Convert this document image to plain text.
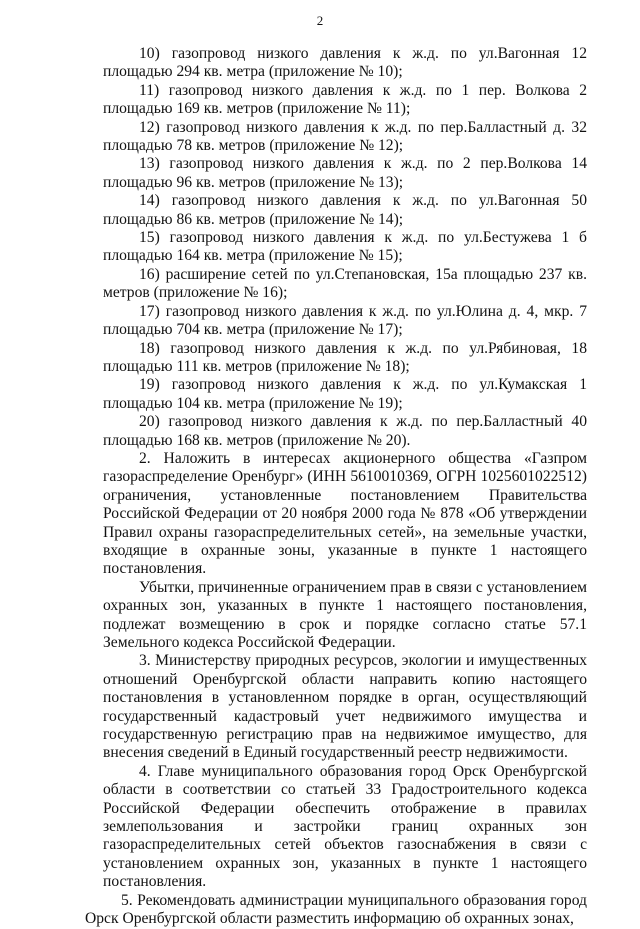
2

10) газопровод низкого давления к ж.д. по ул.Вагонная 12 площадью 294 кв. метра (приложение № 10);

11) газопровод низкого давления к ж.д. по 1 пер. Волкова 2 площадью 169 кв. метров (приложение № 11);

12) газопровод низкого давления к ж.д. по пер.Балластный д. 32 площадью 78 кв. метров (приложение № 12);

13) газопровод низкого давления к ж.д. по 2 пер.Волкова 14 площадью 96 кв. метров (приложение № 13);

14) газопровод низкого давления к ж.д. по ул.Вагонная 50 площадью 86 кв. метров (приложение № 14);

15) газопровод низкого давления к ж.д. по ул.Бестужева 1 б площадью 164 кв. метра (приложение № 15);

16) расширение сетей по ул.Степановская, 15а площадью 237 кв. метров (приложение № 16);

17) газопровод низкого давления к ж.д. по ул.Юлина д. 4, мкр. 7 площадью 704 кв. метра (приложение № 17);

18) газопровод низкого давления к ж.д. по ул.Рябиновая, 18 площадью 111 кв. метров (приложение № 18);

19) газопровод низкого давления к ж.д. по ул.Кумакская 1 площадью 104 кв. метра (приложение № 19);

20) газопровод низкого давления к ж.д. по пер.Балластный 40 площадью 168 кв. метров (приложение № 20).

2. Наложить в интересах акционерного общества «Газпром газораспределение Оренбург» (ИНН 5610010369, ОГРН 1025601022512) ограничения, установленные постановлением Правительства Российской Федерации от 20 ноября 2000 года № 878 «Об утверждении Правил охраны газораспределительных сетей», на земельные участки, входящие в охранные зоны, указанные в пункте 1 настоящего постановления.

Убытки, причиненные ограничением прав в связи с установлением охранных зон, указанных в пункте 1 настоящего постановления, подлежат возмещению в срок и порядке согласно статье 57.1 Земельного кодекса Российской Федерации.

3. Министерству природных ресурсов, экологии и имущественных отношений Оренбургской области направить копию настоящего постановления в установленном порядке в орган, осуществляющий государственный кадастровый учет недвижимого имущества и государственную регистрацию прав на недвижимое имущество, для внесения сведений в Единый государственный реестр недвижимости.

4. Главе муниципального образования город Орск Оренбургской области в соответствии со статьей 33 Градостроительного кодекса Российской Федерации обеспечить отображение в правилах землепользования и застройки границ охранных зон газораспределительных сетей объектов газоснабжения в связи с установлением охранных зон, указанных в пункте 1 настоящего постановления.

5. Рекомендовать администрации муниципального образования город Орск Оренбургской области разместить информацию об охранных зонах,
